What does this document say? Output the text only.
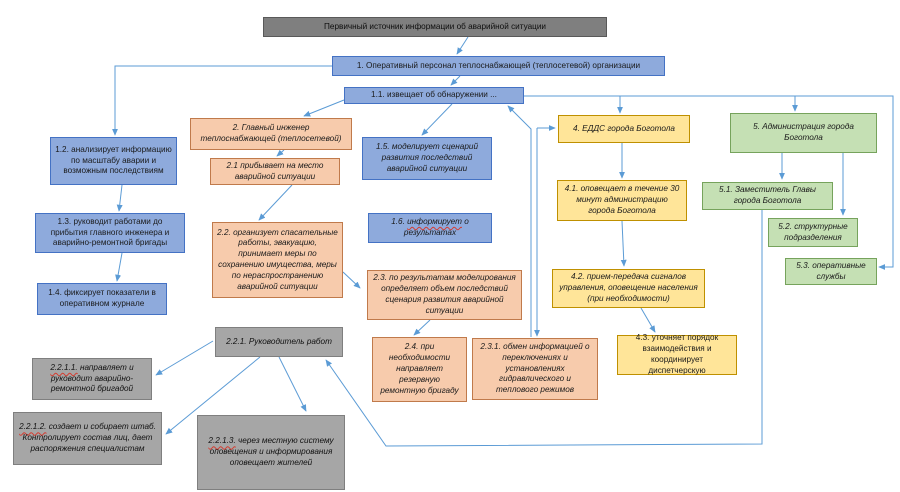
Первичный источник информации об аварийной ситуации
1. Оперативный персонал теплоснабжающей (теплосетевой) организации
1.1. извещает об обнаружении ...
1.2. анализирует информацию по масштабу аварии и возможным последствиям
1.3. руководит работами до прибытия главного инженера и аварийно-ремонтной бригады
1.4. фиксирует показатели в оперативном журнале
1.5. моделирует сценарий развития последствий аварийной ситуации
1.6. информирует о результатах
2. Главный инженер теплоснабжающей (теплосетевой)
2.1 прибывает на место аварийной ситуации
2.2. организует спасательные работы, эвакуацию, принимает меры по сохранению имущества, меры по нераспространению аварийной ситуации
2.3. по результатам моделирования определяет объем последствий сценария развития аварийной ситуации
2.4. при необходимости направляет резервную ремонтную бригаду
2.3.1. обмен информацией о переключениях и установлениях гидравлического и теплового режимов
4. ЕДДС города Боготола
4.1. оповещает в течение 30 минут администрацию города Боготола
4.2. прием-передача сигналов управления, оповещение населения (при необходимости)
4.3. уточняет порядок взаимодействия и координирует диспетчерскую
5. Администрация города Боготола
5.1. Заместитель Главы города Боготола
5.2. структурные подразделения
5.3. оперативные службы
2.2.1. Руководитель работ
2.2.1.1. направляет и руководит аварийно-ремонтной бригадой
2.2.1.2. создает и собирает штаб. Контролирует состав лиц, дает распоряжения специалистам
2.2.1.3. через местную систему оповещения и информирования оповещает жителей
